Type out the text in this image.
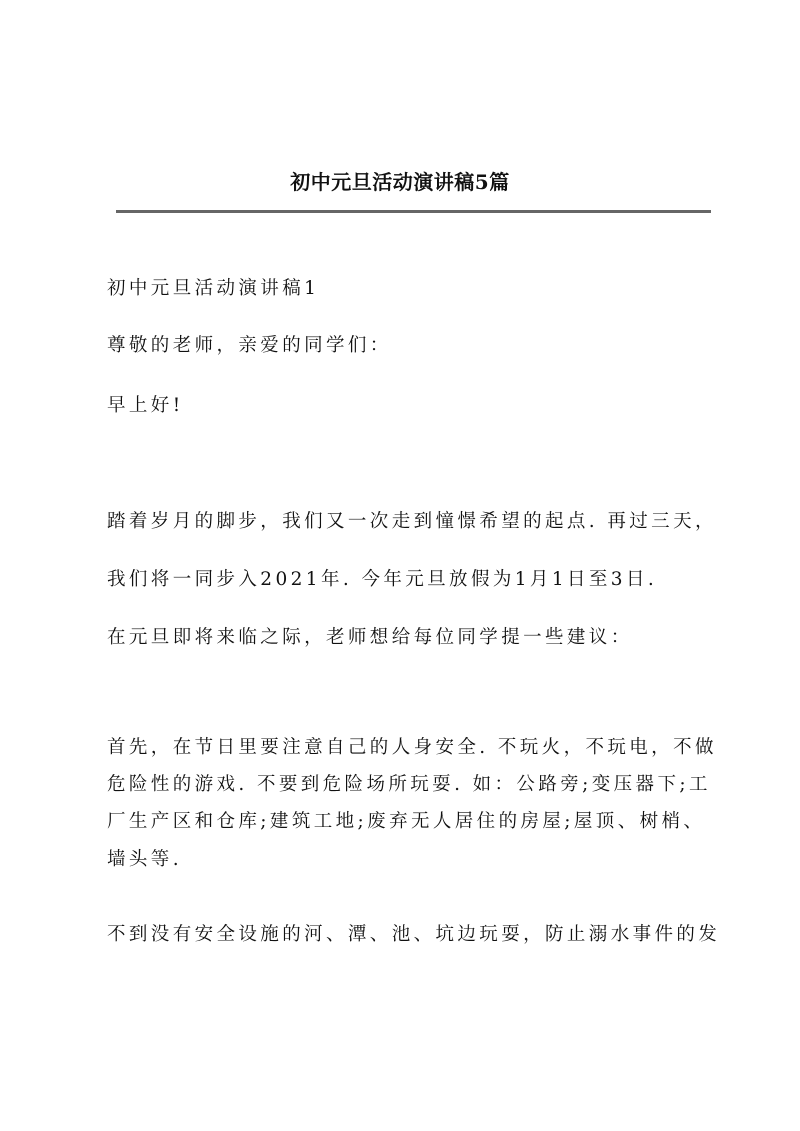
初中元旦活动演讲稿5篇
初中元旦活动演讲稿1
尊敬的老师，亲爱的同学们：
早上好!
踏着岁月的脚步，我们又一次走到憧憬希望的起点. 再过三天，
我们将一同步入2021年. 今年元旦放假为1月1日至3日.
在元旦即将来临之际，老师想给每位同学提一些建议：
首先，在节日里要注意自己的人身安全. 不玩火，不玩电，不做
危险性的游戏. 不要到危险场所玩耍. 如：公路旁;变压器下;工
厂生产区和仓库;建筑工地;废弃无人居住的房屋;屋顶、树梢、
墙头等.
不到没有安全设施的河、潭、池、坑边玩耍，防止溺水事件的发
